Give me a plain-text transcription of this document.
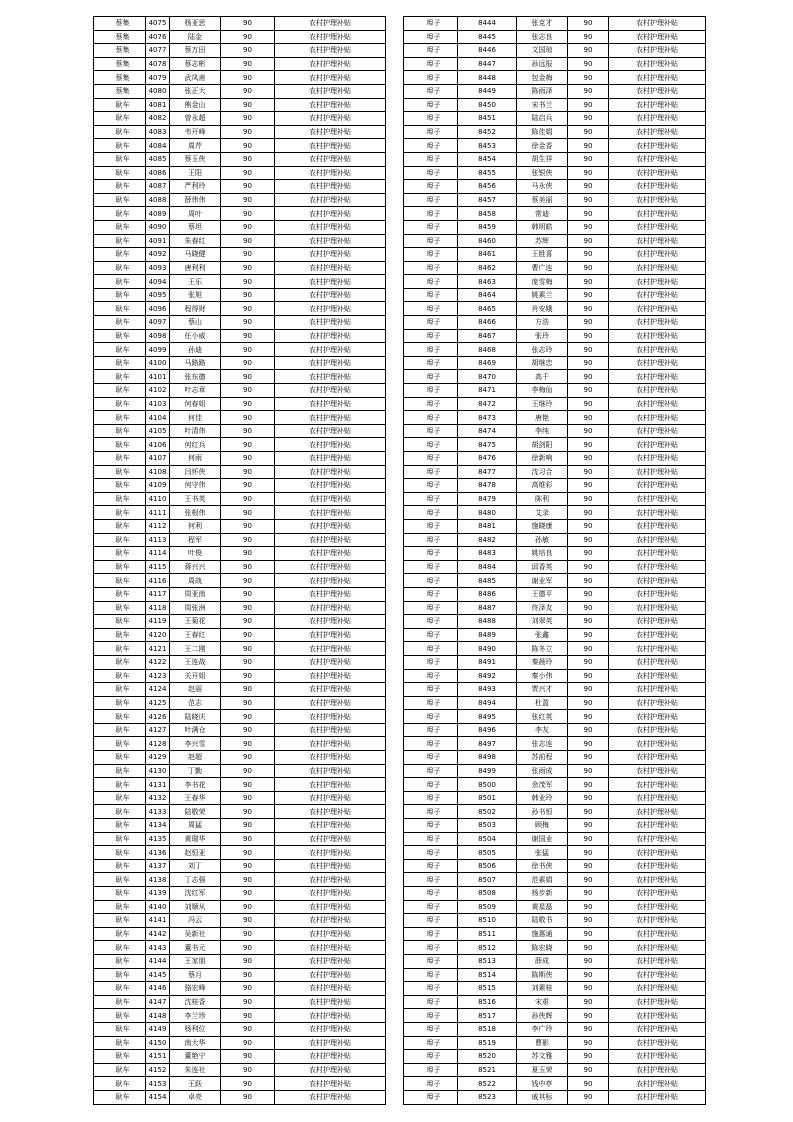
蔡集	4075	杨亚思	90	农村护理补贴
蔡集	4076	陆金	90	农村护理补贴
蔡集	4077	蔡万田	90	农村护理补贴
蔡集	4078	蔡志彬	90	农村护理补贴
蔡集	4079	武凤甫	90	农村护理补贴
蔡集	4080	张正大	90	农村护理补贴
耿车	4081	熊金山	90	农村护理补贴
耿车	4082	曾永超	90	农村护理补贴
耿车	4083	韦开峰	90	农村护理补贴
耿车	4084	周芹	90	农村护理补贴
耿车	4085	蔡玉侠	90	农村护理补贴
耿车	4086	王阳	90	农村护理补贴
耿车	4087	严利玲	90	农村护理补贴
耿车	4088	薛伟伟	90	农村护理补贴
耿车	4089	周叶	90	农村护理补贴
耿车	4090	蔡坦	90	农村护理补贴
耿车	4091	朱春红	90	农村护理补贴
耿车	4092	马晓健	90	农村护理补贴
耿车	4093	唐利利	90	农村护理补贴
耿车	4094	王乐	90	农村护理补贴
耿车	4095	张旭	90	农村护理补贴
耿车	4096	程得财	90	农村护理补贴
耿车	4097	蔡山	90	农村护理补贴
耿车	4098	任小威	90	农村护理补贴
耿车	4099	孙迪	90	农村护理补贴
耿车	4100	马路路	90	农村护理补贴
耿车	4101	张东德	90	农村护理补贴
耿车	4102	叶志章	90	农村护理补贴
耿车	4103	何春姐	90	农村护理补贴
耿车	4104	何佳	90	农村护理补贴
耿车	4105	叶清伟	90	农村护理补贴
耿车	4106	何红兵	90	农村护理补贴
耿车	4107	何雨	90	农村护理补贴
耿车	4108	闫怀侠	90	农村护理补贴
耿车	4109	何守伟	90	农村护理补贴
耿车	4110	王书英	90	农村护理补贴
耿车	4111	张根伟	90	农村护理补贴
耿车	4112	何利	90	农村护理补贴
耿车	4113	程军	90	农村护理补贴
耿车	4114	叶俊	90	农村护理补贴
耿车	4115	蒋兴兴	90	农村护理补贴
耿车	4116	周战	90	农村护理补贴
耿车	4117	周亚南	90	农村护理补贴
耿车	4118	周张洲	90	农村护理补贴
耿车	4119	王菊花	90	农村护理补贴
耿车	4120	王春红	90	农村护理补贴
耿车	4121	王二刚	90	农村护理补贴
耿车	4122	王连战	90	农村护理补贴
耿车	4123	关开姐	90	农村护理补贴
耿车	4124	赵丽	90	农村护理补贴
耿车	4125	范志	90	农村护理补贴
耿车	4126	陆晓庆	90	农村护理补贴
耿车	4127	叶满仓	90	农村护理补贴
耿车	4128	李兴雪	90	农村护理补贴
耿车	4129	赵超	90	农村护理补贴
耿车	4130	丁勤	90	农村护理补贴
耿车	4131	李书花	90	农村护理补贴
耿车	4132	王春华	90	农村护理补贴
耿车	4133	陆敬荣	90	农村护理补贴
耿车	4134	周猛	90	农村护理补贴
耿车	4135	黄瑞华	90	农村护理补贴
耿车	4136	赵恒亚	90	农村护理补贴
耿车	4137	刘丁	90	农村护理补贴
耿车	4138	丁志强	90	农村护理补贴
耿车	4139	沈红军	90	农村护理补贴
耿车	4140	刘顺从	90	农村护理补贴
耿车	4141	冯云	90	农村护理补贴
耿车	4142	吴新社	90	农村护理补贴
耿车	4143	董书元	90	农村护理补贴
耿车	4144	王家朋	90	农村护理补贴
耿车	4145	蔡月	90	农村护理补贴
耿车	4146	骆宏峰	90	农村护理补贴
耿车	4147	沈桂香	90	农村护理补贴
耿车	4148	李兰珍	90	农村护理补贴
耿车	4149	杨利位	90	农村护理补贴
耿车	4150	南大华	90	农村护理补贴
耿车	4151	董艳宁	90	农村护理补贴
耿车	4152	朱连社	90	农村护理补贴
耿车	4153	王跃	90	农村护理补贴
耿车	4154	卓亮	90	农村护理补贴
埠子	8444	张克才	90	农村护理补贴
埠子	8445	张志良	90	农村护理补贴
埠子	8446	文国琼	90	农村护理补贴
埠子	8447	孙远报	90	农村护理补贴
埠子	8448	包金梅	90	农村护理补贴
埠子	8449	陈雨泽	90	农村护理补贴
埠子	8450	宋书兰	90	农村护理补贴
埠子	8451	陆启兵	90	农村护理补贴
埠子	8452	陈佳娟	90	农村护理补贴
埠子	8453	徐金香	90	农村护理补贴
埠子	8454	胡生祥	90	农村护理补贴
埠子	8455	张银侠	90	农村护理补贴
埠子	8456	马永侠	90	农村护理补贴
埠子	8457	蔡美丽	90	农村护理补贴
埠子	8458	常迪	90	农村护理补贴
埠子	8459	韩明皓	90	农村护理补贴
埠子	8460	苏辉	90	农村护理补贴
埠子	8461	王胜喜	90	农村护理补贴
埠子	8462	曹广连	90	农村护理补贴
埠子	8463	庞雪梅	90	农村护理补贴
埠子	8464	姚素兰	90	农村护理补贴
埠子	8465	肖安娥	90	农村护理补贴
埠子	8466	方浩	90	农村护理补贴
埠子	8467	张玲	90	农村护理补贴
埠子	8468	张志玲	90	农村护理补贴
埠子	8469	胡继忠	90	农村护理补贴
埠子	8470	高千	90	农村护理补贴
埠子	8471	李梅仙	90	农村护理补贴
埠子	8472	王继玲	90	农村护理补贴
埠子	8473	唐艳	90	农村护理补贴
埠子	8474	李纯	90	农村护理补贴
埠子	8475	胡剑阳	90	农村护理补贴
埠子	8476	徐新响	90	农村护理补贴
埠子	8477	沈习合	90	农村护理补贴
埠子	8478	高维彩	90	农村护理补贴
埠子	8479	陈利	90	农村护理补贴
埠子	8480	艾录	90	农村护理补贴
埠子	8481	施晓康	90	农村护理补贴
埠子	8482	孙敏	90	农村护理补贴
埠子	8483	姚培良	90	农村护理补贴
埠子	8484	邱香英	90	农村护理补贴
埠子	8485	谢业军	90	农村护理补贴
埠子	8486	王德平	90	农村护理补贴
埠子	8487	佟泽友	90	农村护理补贴
埠子	8488	刘翠英	90	农村护理补贴
埠子	8489	张鑫	90	农村护理补贴
埠子	8490	陈冬立	90	农村护理补贴
埠子	8491	秦晨玲	90	农村护理补贴
埠子	8492	秦小伟	90	农村护理补贴
埠子	8493	贾兴才	90	农村护理补贴
埠子	8494	杜盈	90	农村护理补贴
埠子	8495	张红英	90	农村护理补贴
埠子	8496	李友	90	农村护理补贴
埠子	8497	张志连	90	农村护理补贴
埠子	8498	苏前程	90	农村护理补贴
埠子	8499	张雨成	90	农村护理补贴
埠子	8500	余茂军	90	农村护理补贴
埠子	8501	韩业玲	90	农村护理补贴
埠子	8502	孙书恒	90	农村护理补贴
埠子	8503	顾梅	90	农村护理补贴
埠子	8504	谢国业	90	农村护理补贴
埠子	8505	张猛	90	农村护理补贴
埠子	8506	徐书侠	90	农村护理补贴
埠子	8507	范素娟	90	农村护理补贴
埠子	8508	杨步新	90	农村护理补贴
埠子	8509	黄星磊	90	农村护理补贴
埠子	8510	陆敬书	90	农村护理补贴
埠子	8511	施惠通	90	农村护理补贴
埠子	8512	陈宏晓	90	农村护理补贴
埠子	8513	薛成	90	农村护理补贴
埠子	8514	陈斯侠	90	农村护理补贴
埠子	8515	刘素桂	90	农村护理补贴
埠子	8516	宋艰	90	农村护理补贴
埠子	8517	孙侠辉	90	农村护理补贴
埠子	8518	李广玲	90	农村护理补贴
埠子	8519	曹影	90	农村护理补贴
埠子	8520	苏文雅	90	农村护理补贴
埠子	8521	夏玉荣	90	农村护理补贴
埠子	8522	钱中亭	90	农村护理补贴
埠子	8523	戚其标	90	农村护理补贴
